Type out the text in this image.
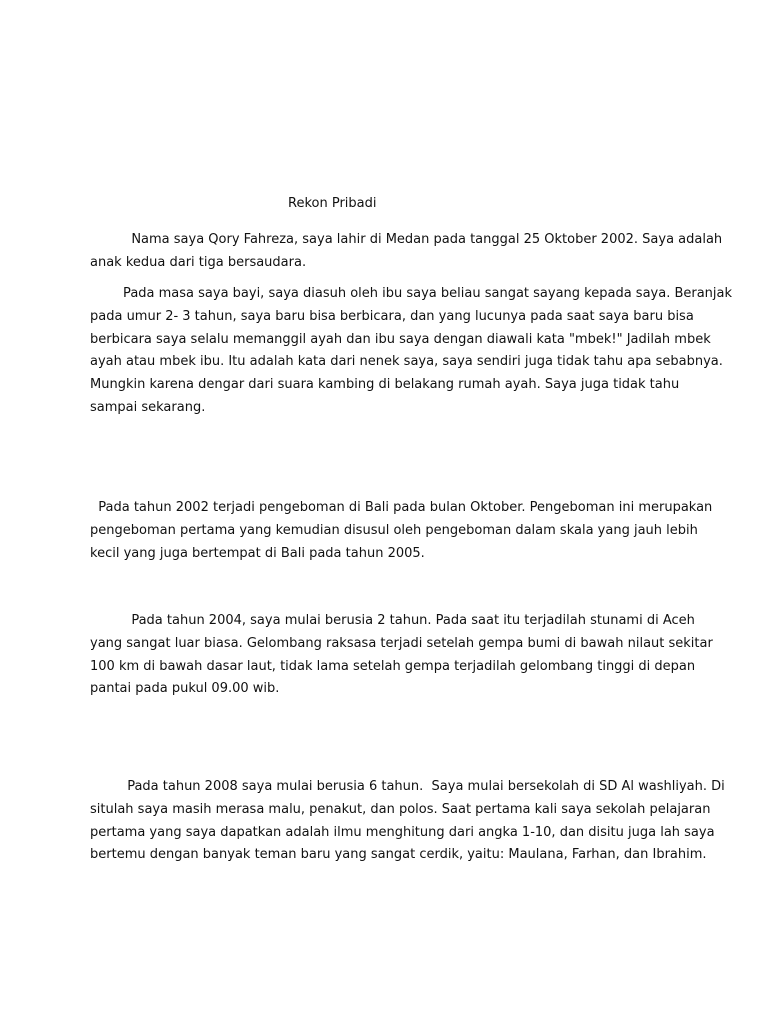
Rekon Pribadi
Nama saya Qory Fahreza, saya lahir di Medan pada tanggal 25 Oktober 2002. Saya adalah
anak kedua dari tiga bersaudara.
Pada masa saya bayi, saya diasuh oleh ibu saya beliau sangat sayang kepada saya. Beranjak
pada umur 2- 3 tahun, saya baru bisa berbicara, dan yang lucunya pada saat saya baru bisa
berbicara saya selalu memanggil ayah dan ibu saya dengan diawali kata "mbek!" Jadilah mbek
ayah atau mbek ibu. Itu adalah kata dari nenek saya, saya sendiri juga tidak tahu apa sebabnya.
Mungkin karena dengar dari suara kambing di belakang rumah ayah. Saya juga tidak tahu
sampai sekarang.
Pada tahun 2002 terjadi pengeboman di Bali pada bulan Oktober. Pengeboman ini merupakan
pengeboman pertama yang kemudian disusul oleh pengeboman dalam skala yang jauh lebih
kecil yang juga bertempat di Bali pada tahun 2005.
Pada tahun 2004, saya mulai berusia 2 tahun. Pada saat itu terjadilah stunami di Aceh
yang sangat luar biasa. Gelombang raksasa terjadi setelah gempa bumi di bawah nilaut sekitar
100 km di bawah dasar laut, tidak lama setelah gempa terjadilah gelombang tinggi di depan
pantai pada pukul 09.00 wib.
Pada tahun 2008 saya mulai berusia 6 tahun.  Saya mulai bersekolah di SD Al washliyah. Di
situlah saya masih merasa malu, penakut, dan polos. Saat pertama kali saya sekolah pelajaran
pertama yang saya dapatkan adalah ilmu menghitung dari angka 1-10, dan disitu juga lah saya
bertemu dengan banyak teman baru yang sangat cerdik, yaitu: Maulana, Farhan, dan Ibrahim.
